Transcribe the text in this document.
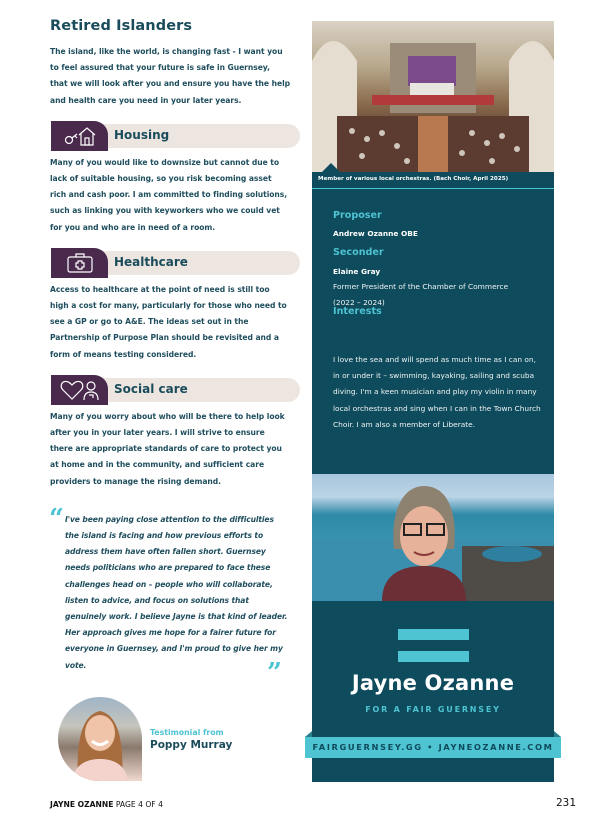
Retired Islanders
The island, like the world, is changing fast - I want you to feel assured that your future is safe in Guernsey, that we will look after you and ensure you have the help and health care you need in your later years.
Housing
Many of you would like to downsize but cannot due to lack of suitable housing, so you risk becoming asset rich and cash poor. I am committed to finding solutions, such as linking you with keyworkers who we could vet for you and who are in need of a room.
Healthcare
Access to healthcare at the point of need is still too high a cost for many, particularly for those who need to see a GP or go to A&E. The ideas set out in the Partnership of Purpose Plan should be revisited and a form of means testing considered.
Social care
Many of you worry about who will be there to help look after you in your later years. I will strive to ensure there are appropriate standards of care to protect you at home and in the community, and sufficient care providers to manage the rising demand.
“ I've been paying close attention to the difficulties the island is facing and how previous efforts to address them have often fallen short. Guernsey needs politicians who are prepared to face these challenges head on – people who will collaborate, listen to advice, and focus on solutions that genuinely work. I believe Jayne is that kind of leader. Her approach gives me hope for a fairer future for everyone in Guernsey, and I'm proud to give her my vote.	”
Testimonial from
Poppy Murray
JAYNE OZANNE PAGE 4 OF 4	231
Member of various local orchestras. (Bach Choir, April 2025)
Proposer
Andrew Ozanne OBE
Seconder
Elaine Gray
Former President of the Chamber of Commerce
(2022 – 2024)
Interests
I love the sea and will spend as much time as I can on, in or under it – swimming, kayaking, sailing and scuba diving. I'm a keen musician and play my violin in many local orchestras and sing when I can in the Town Church Choir. I am also a member of Liberate.
Jayne Ozanne
FOR A FAIR GUERNSEY
FAIRGUERNSEY.GG • JAYNEOZANNE.COM
